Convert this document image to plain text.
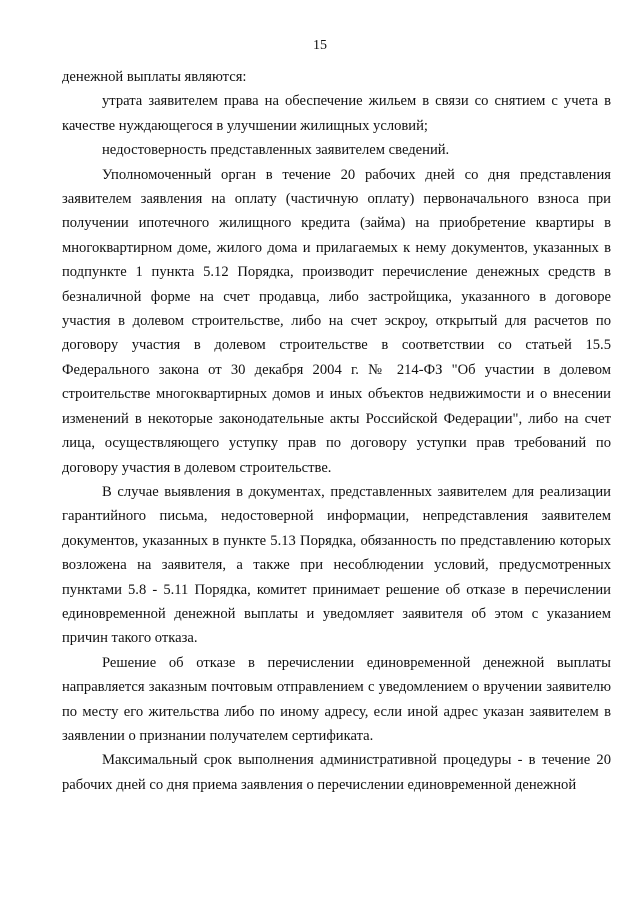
15

денежной выплаты являются:

утрата заявителем права на обеспечение жильем в связи со снятием с учета в качестве нуждающегося в улучшении жилищных условий;

недостоверность представленных заявителем сведений.

Уполномоченный орган в течение 20 рабочих дней со дня представления заявителем заявления на оплату (частичную оплату) первоначального взноса при получении ипотечного жилищного кредита (займа) на приобретение квартиры в многоквартирном доме, жилого дома и прилагаемых к нему документов, указанных в подпункте 1 пункта 5.12 Порядка, производит перечисление денежных средств в безналичной форме на счет продавца, либо застройщика, указанного в договоре участия в долевом строительстве, либо на счет эскроу, открытый для расчетов по договору участия в долевом строительстве в соответствии со статьей 15.5 Федерального закона от 30 декабря 2004 г. № 214-ФЗ "Об участии в долевом строительстве многоквартирных домов и иных объектов недвижимости и о внесении изменений в некоторые законодательные акты Российской Федерации", либо на счет лица, осуществляющего уступку прав по договору уступки прав требований по договору участия в долевом строительстве.

В случае выявления в документах, представленных заявителем для реализации гарантийного письма, недостоверной информации, непредставления заявителем документов, указанных в пункте 5.13 Порядка, обязанность по представлению которых возложена на заявителя, а также при несоблюдении условий, предусмотренных пунктами 5.8 - 5.11 Порядка, комитет принимает решение об отказе в перечислении единовременной денежной выплаты и уведомляет заявителя об этом с указанием причин такого отказа.

Решение об отказе в перечислении единовременной денежной выплаты направляется заказным почтовым отправлением с уведомлением о вручении заявителю по месту его жительства либо по иному адресу, если иной адрес указан заявителем в заявлении о признании получателем сертификата.

Максимальный срок выполнения административной процедуры - в течение 20 рабочих дней со дня приема заявления о перечислении единовременной денежной
